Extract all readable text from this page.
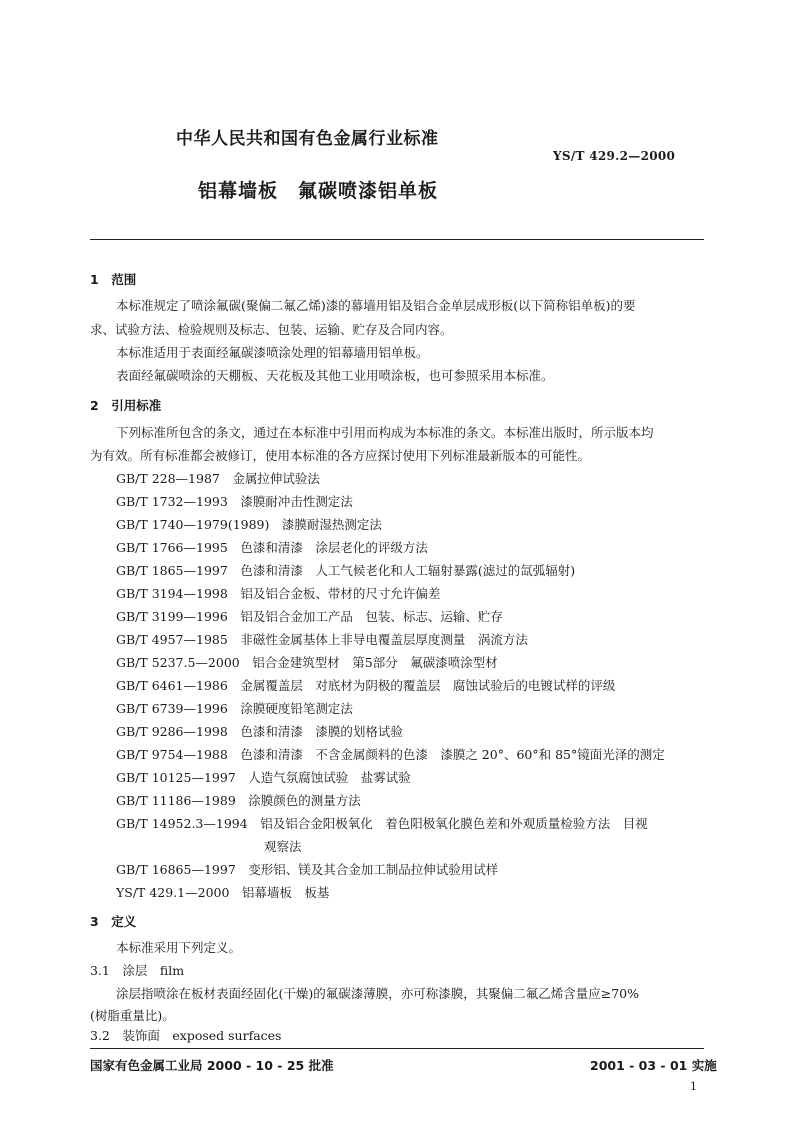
中华人民共和国有色金属行业标准
YS/T 429.2—2000
铝幕墙板　氟碳喷漆铝单板
1　范围
本标准规定了喷涂氟碳(聚偏二氟乙烯)漆的幕墙用铝及铝合金单层成形板(以下简称铝单板)的要
求、试验方法、检验规则及标志、包装、运输、贮存及合同内容。
本标准适用于表面经氟碳漆喷涂处理的铝幕墙用铝单板。
表面经氟碳喷涂的天棚板、天花板及其他工业用喷涂板，也可参照采用本标准。
2　引用标准
下列标准所包含的条文，通过在本标准中引用而构成为本标准的条文。本标准出版时，所示版本均
为有效。所有标准都会被修订，使用本标准的各方应探讨使用下列标准最新版本的可能性。
GB/T 228—1987　金属拉伸试验法
GB/T 1732—1993　漆膜耐冲击性测定法
GB/T 1740—1979(1989)　漆膜耐湿热测定法
GB/T 1766—1995　色漆和清漆　涂层老化的评级方法
GB/T 1865—1997　色漆和清漆　人工气候老化和人工辐射暴露(滤过的氙弧辐射)
GB/T 3194—1998　铝及铝合金板、带材的尺寸允许偏差
GB/T 3199—1996　铝及铝合金加工产品　包装、标志、运输、贮存
GB/T 4957—1985　非磁性金属基体上非导电覆盖层厚度测量　涡流方法
GB/T 5237.5—2000　铝合金建筑型材　第5部分　氟碳漆喷涂型材
GB/T 6461—1986　金属覆盖层　对底材为阴极的覆盖层　腐蚀试验后的电镀试样的评级
GB/T 6739—1996　涂膜硬度铅笔测定法
GB/T 9286—1998　色漆和清漆　漆膜的划格试验
GB/T 9754—1988　色漆和清漆　不含金属颜料的色漆　漆膜之 20°、60°和 85°镜面光泽的测定
GB/T 10125—1997　人造气氛腐蚀试验　盐雾试验
GB/T 11186—1989　涂膜颜色的测量方法
GB/T 14952.3—1994　铝及铝合金阳极氧化　着色阳极氧化膜色差和外观质量检验方法　目视
观察法
GB/T 16865—1997　变形铝、镁及其合金加工制品拉伸试验用试样
YS/T 429.1—2000　铝幕墙板　板基
3　定义
本标准采用下列定义。
3.1　涂层　film
涂层指喷涂在板材表面经固化(干燥)的氟碳漆薄膜，亦可称漆膜，其聚偏二氟乙烯含量应≥70%
(树脂重量比)。
3.2　装饰面　exposed surfaces
国家有色金属工业局 2000 - 10 - 25 批准	2001 - 03 - 01 实施
1
